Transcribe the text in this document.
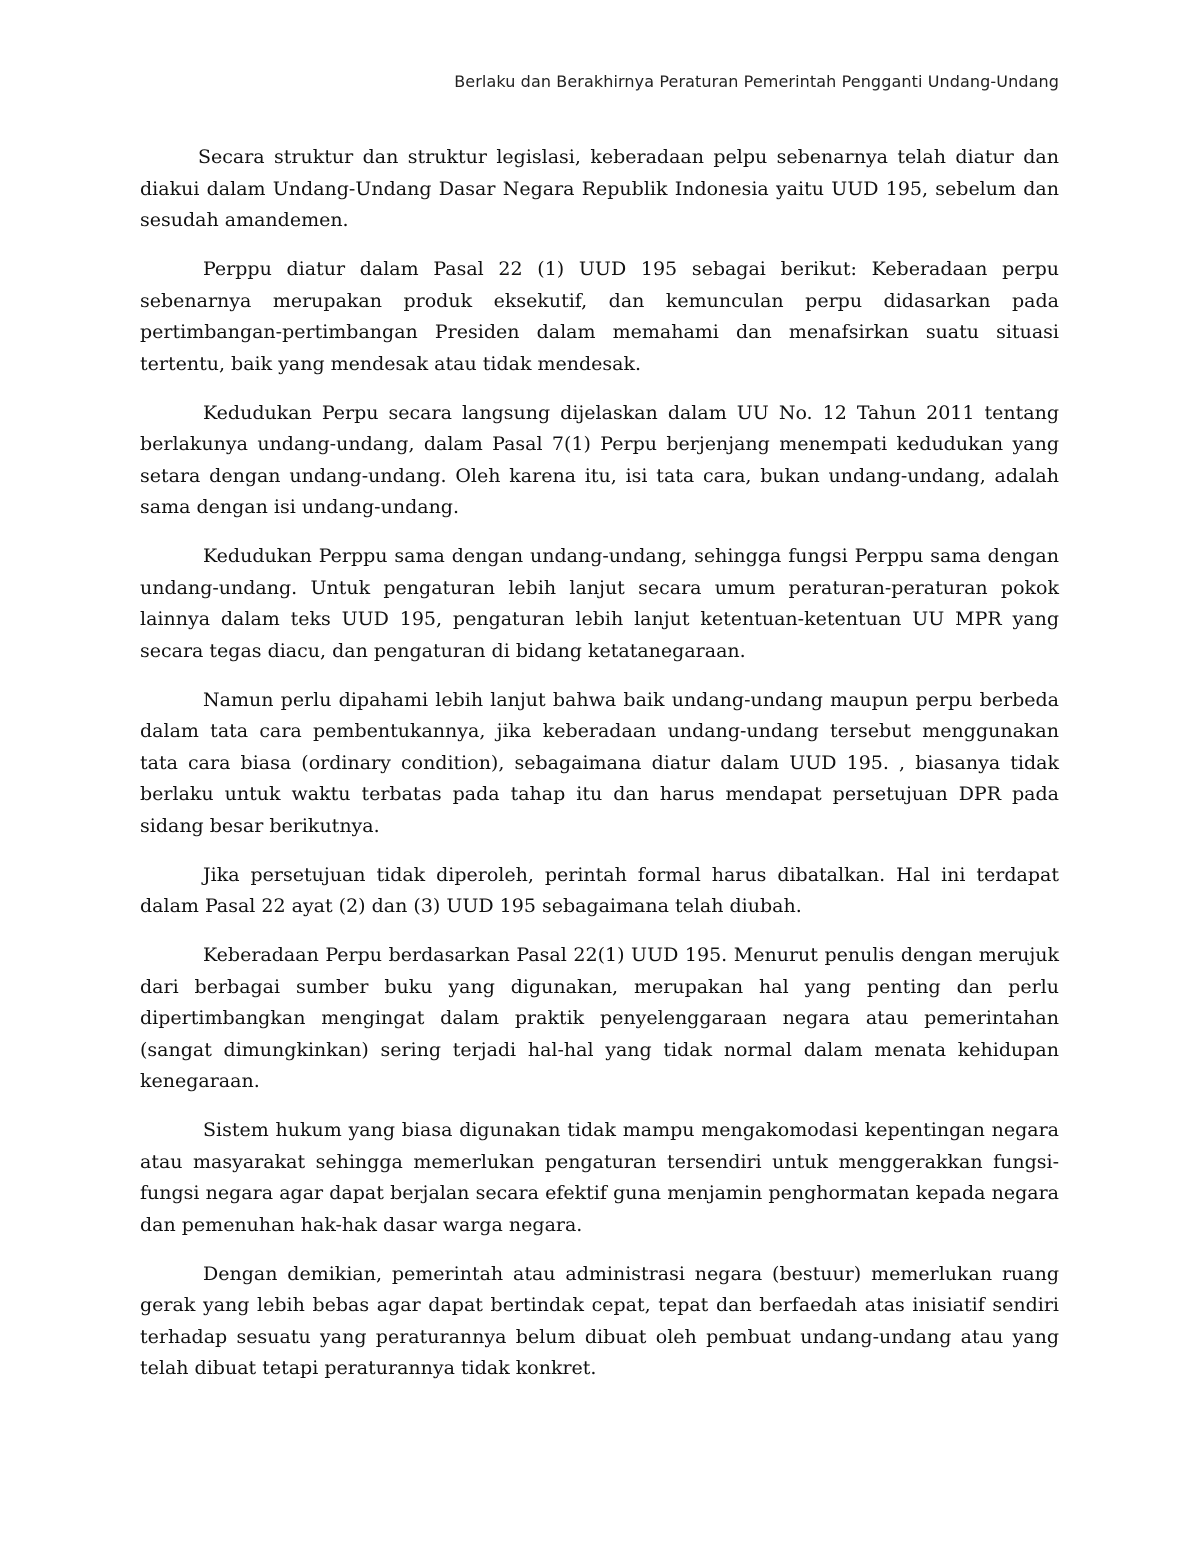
Berlaku dan Berakhirnya Peraturan Pemerintah Pengganti Undang-Undang

Secara struktur dan struktur legislasi, keberadaan pelpu sebenarnya telah diatur dan diakui dalam Undang-Undang Dasar Negara Republik Indonesia yaitu UUD 195, sebelum dan sesudah amandemen.

Perppu diatur dalam Pasal 22 (1) UUD 195 sebagai berikut: Keberadaan perpu sebenarnya merupakan produk eksekutif, dan kemunculan perpu didasarkan pada pertimbangan-pertimbangan Presiden dalam memahami dan menafsirkan suatu situasi tertentu, baik yang mendesak atau tidak mendesak.

Kedudukan Perpu secara langsung dijelaskan dalam UU No. 12 Tahun 2011 tentang berlakunya undang-undang, dalam Pasal 7(1) Perpu berjenjang menempati kedudukan yang setara dengan undang-undang. Oleh karena itu, isi tata cara, bukan undang-undang, adalah sama dengan isi undang-undang.

Kedudukan Perppu sama dengan undang-undang, sehingga fungsi Perppu sama dengan undang-undang. Untuk pengaturan lebih lanjut secara umum peraturan-peraturan pokok lainnya dalam teks UUD 195, pengaturan lebih lanjut ketentuan-ketentuan UU MPR yang secara tegas diacu, dan pengaturan di bidang ketatanegaraan.

Namun perlu dipahami lebih lanjut bahwa baik undang-undang maupun perpu berbeda dalam tata cara pembentukannya, jika keberadaan undang-undang tersebut menggunakan tata cara biasa (ordinary condition), sebagaimana diatur dalam UUD 195. , biasanya tidak berlaku untuk waktu terbatas pada tahap itu dan harus mendapat persetujuan DPR pada sidang besar berikutnya.

Jika persetujuan tidak diperoleh, perintah formal harus dibatalkan. Hal ini terdapat dalam Pasal 22 ayat (2) dan (3) UUD 195 sebagaimana telah diubah.

Keberadaan Perpu berdasarkan Pasal 22(1) UUD 195. Menurut penulis dengan merujuk dari berbagai sumber buku yang digunakan, merupakan hal yang penting dan perlu dipertimbangkan mengingat dalam praktik penyelenggaraan negara atau pemerintahan (sangat dimungkinkan) sering terjadi hal-hal yang tidak normal dalam menata kehidupan kenegaraan.

Sistem hukum yang biasa digunakan tidak mampu mengakomodasi kepentingan negara atau masyarakat sehingga memerlukan pengaturan tersendiri untuk menggerakkan fungsi-fungsi negara agar dapat berjalan secara efektif guna menjamin penghormatan kepada negara dan pemenuhan hak-hak dasar warga negara.

Dengan demikian, pemerintah atau administrasi negara (bestuur) memerlukan ruang gerak yang lebih bebas agar dapat bertindak cepat, tepat dan berfaedah atas inisiatif sendiri terhadap sesuatu yang peraturannya belum dibuat oleh pembuat undang-undang atau yang telah dibuat tetapi peraturannya tidak konkret.
